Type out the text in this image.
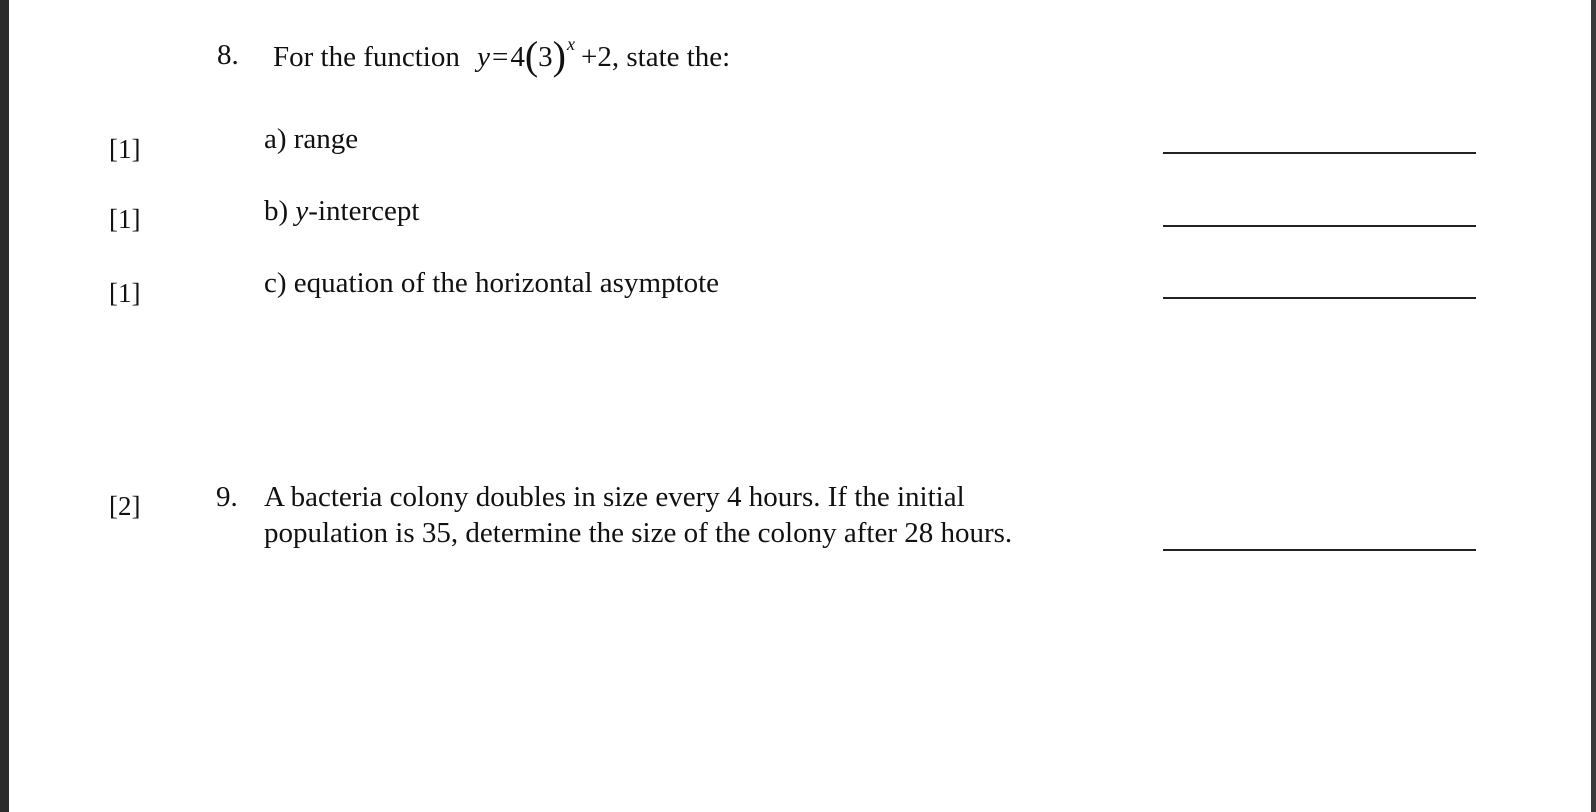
8. For the function $y=4(3)^x +2$, state the:
[1]	a) range
[1]	b) y-intercept
[1]	c) equation of the horizontal asymptote
[2]	9. A bacteria colony doubles in size every 4 hours. If the initial
population is 35, determine the size of the colony after 28 hours.
